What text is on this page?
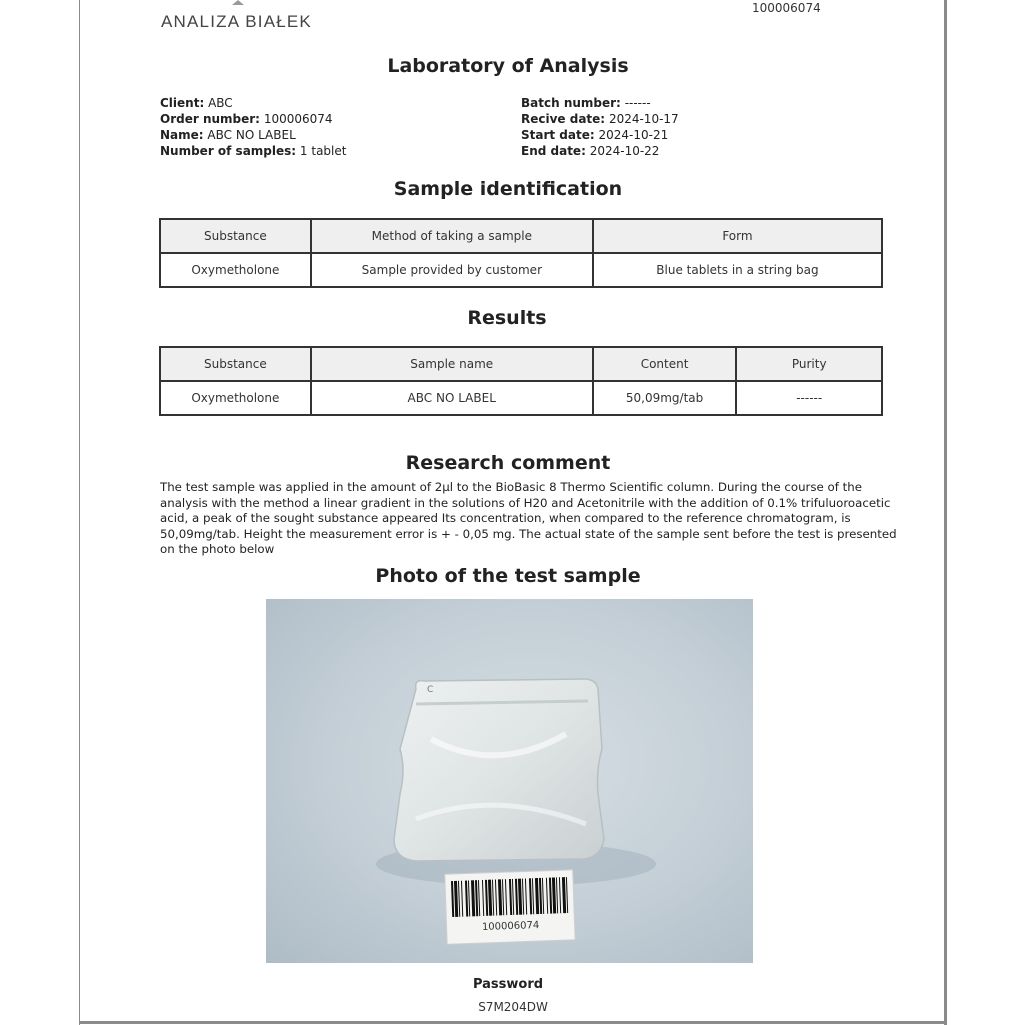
ANALIZA BIAŁEK
100006074
Laboratory of Analysis
Client: ABC
Order number: 100006074
Name: ABC NO LABEL
Number of samples: 1 tablet
Batch number: ------
Recive date: 2024-10-17
Start date: 2024-10-21
End date: 2024-10-22
Sample identification
Substance	Method of taking a sample	Form
Oxymetholone	Sample provided by customer	Blue tablets in a string bag
Results
Substance	Sample name	Content	Purity
Oxymetholone	ABC NO LABEL	50,09mg/tab	------
Research comment
The test sample was applied in the amount of 2µl to the BioBasic 8 Thermo Scientific column. During the course of the analysis with the method a linear gradient in the solutions of H20 and Acetonitrile with the addition of 0.1% trifuluoroacetic acid, a peak of the sought substance appeared Its concentration, when compared to the reference chromatogram, is 50,09mg/tab. Height the measurement error is + - 0,05 mg. The actual state of the sample sent before the test is presented on the photo below
Photo of the test sample
C
100006074
Password
S7M204DW
